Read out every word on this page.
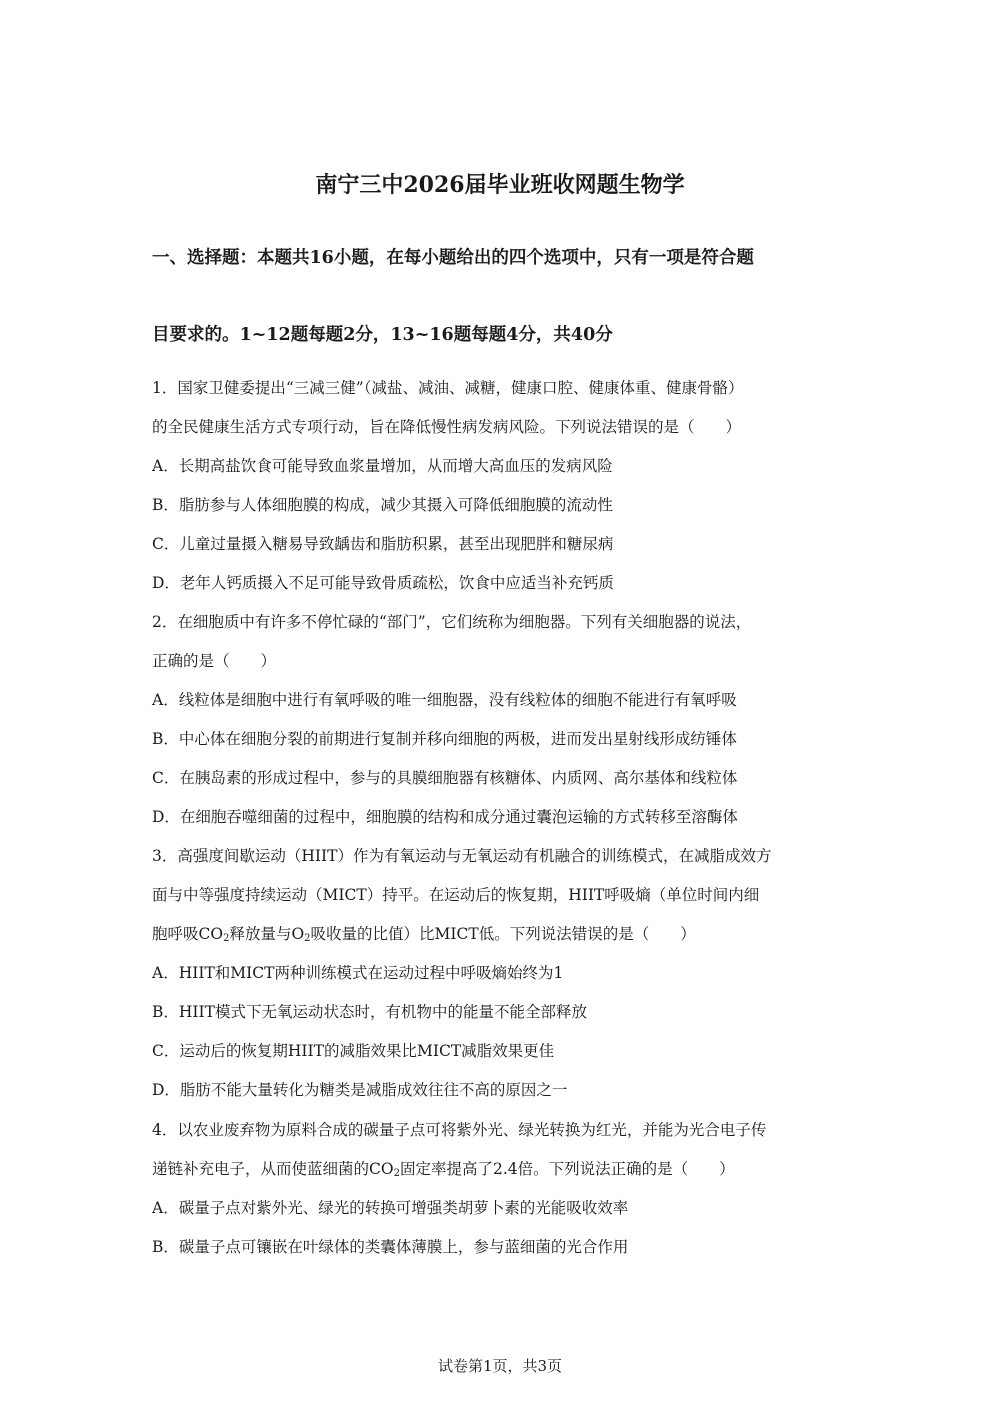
南宁三中2026届毕业班收网题生物学
一、选择题：本题共16小题，在每小题给出的四个选项中，只有一项是符合题
目要求的。1~12题每题2分，13~16题每题4分，共40分
1．国家卫健委提出“三减三健”（减盐、减油、减糖，健康口腔、健康体重、健康骨骼）
的全民健康生活方式专项行动，旨在降低慢性病发病风险。下列说法错误的是（　　）
A．长期高盐饮食可能导致血浆量增加，从而增大高血压的发病风险
B．脂肪参与人体细胞膜的构成，减少其摄入可降低细胞膜的流动性
C．儿童过量摄入糖易导致龋齿和脂肪积累，甚至出现肥胖和糖尿病
D．老年人钙质摄入不足可能导致骨质疏松，饮食中应适当补充钙质
2．在细胞质中有许多不停忙碌的“部门”，它们统称为细胞器。下列有关细胞器的说法，
正确的是（　　）
A．线粒体是细胞中进行有氧呼吸的唯一细胞器，没有线粒体的细胞不能进行有氧呼吸
B．中心体在细胞分裂的前期进行复制并移向细胞的两极，进而发出星射线形成纺锤体
C．在胰岛素的形成过程中，参与的具膜细胞器有核糖体、内质网、高尔基体和线粒体
D．在细胞吞噬细菌的过程中，细胞膜的结构和成分通过囊泡运输的方式转移至溶酶体
3．高强度间歇运动（HIIT）作为有氧运动与无氧运动有机融合的训练模式，在减脂成效方
面与中等强度持续运动（MICT）持平。在运动后的恢复期，HIIT呼吸熵（单位时间内细
胞呼吸$CO_2$释放量与$O_2$吸收量的比值）比MICT低。下列说法错误的是（　　）
A．HIIT和MICT两种训练模式在运动过程中呼吸熵始终为1
B．HIIT模式下无氧运动状态时，有机物中的能量不能全部释放
C．运动后的恢复期HIIT的减脂效果比MICT减脂效果更佳
D．脂肪不能大量转化为糖类是减脂成效往往不高的原因之一
4．以农业废弃物为原料合成的碳量子点可将紫外光、绿光转换为红光，并能为光合电子传
递链补充电子，从而使蓝细菌的$CO_2$固定率提高了2.4倍。下列说法正确的是（　　）
A．碳量子点对紫外光、绿光的转换可增强类胡萝卜素的光能吸收效率
B．碳量子点可镶嵌在叶绿体的类囊体薄膜上，参与蓝细菌的光合作用
试卷第1页，共3页
